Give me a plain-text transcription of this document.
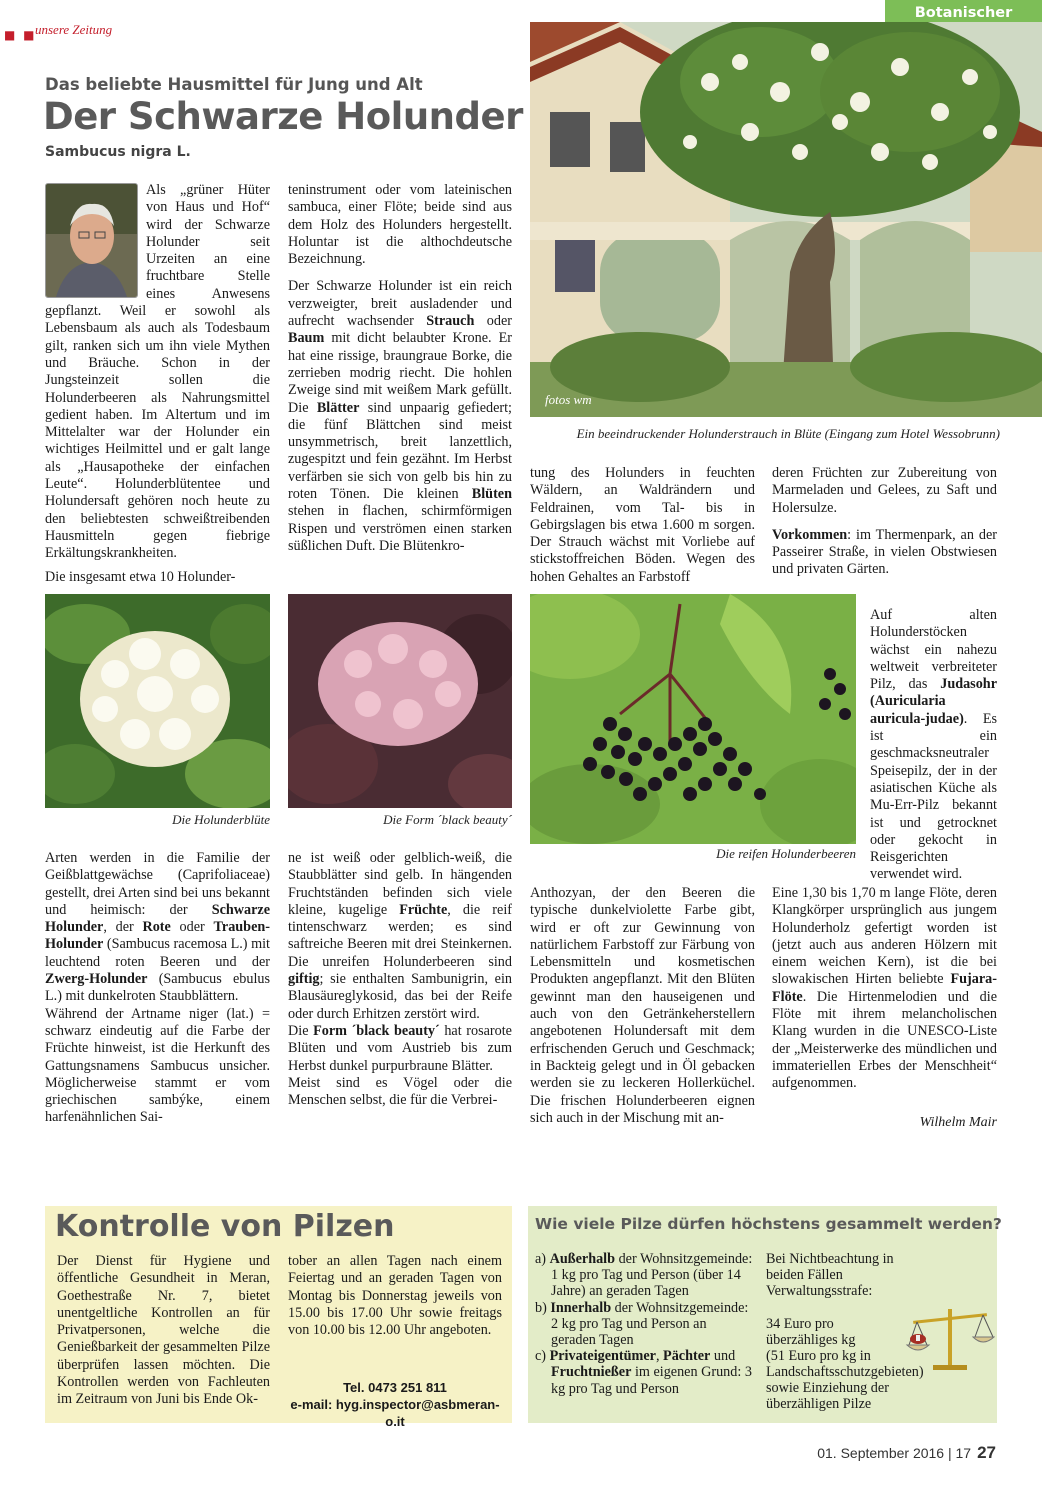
■ ■
unsere Zeitung
Botanischer
Das beliebte Hausmittel für Jung und Alt
Der Schwarze Holunder
Sambucus nigra L.
fotos wm
Ein beeindruckender Holunderstrauch in Blüte (Eingang zum Hotel Wessobrunn)
Als „grüner Hüter von Haus und Hof“ wird der Schwarze Holunder seit Urzeiten an eine fruchtbare Stelle eines Anwesens gepflanzt. Weil er sowohl als Lebensbaum als auch als Todesbaum gilt, ranken sich um ihn viele Mythen und Bräuche. Schon in der Jungsteinzeit sollen die Holunderbeeren als Nahrungsmittel gedient haben. Im Altertum und im Mittelalter war der Holunder ein wichtiges Heilmittel und er galt lange als „Hausapotheke der einfachen Leute“. Holunderblütentee und Holundersaft gehören noch heute zu den beliebtesten schweißtreibenden Hausmitteln gegen fiebrige Erkältungskrankheiten.
Die insgesamt etwa 10 Holunder-

teninstrument oder vom lateinischen sambuca, einer Flöte; beide sind aus dem Holz des Holunders hergestellt. Holuntar ist die althochdeutsche Bezeichnung.

Der Schwarze Holunder ist ein reich verzweigter, breit ausladender und aufrecht wachsender Strauch oder Baum mit dicht belaubter Krone. Er hat eine rissige, braungraue Borke, die zerrieben modrig riecht. Die hohlen Zweige sind mit weißem Mark gefüllt. Die Blätter sind unpaarig gefiedert; die fünf Blättchen sind meist unsymmetrisch, breit lanzettlich, zugespitzt und fein gezähnt. Im Herbst verfärben sie sich von gelb bis hin zu roten Tönen. Die kleinen Blüten stehen in flachen, schirmförmigen Rispen und verströmen einen starken süßlichen Duft. Die Blütenkro-

tung des Holunders in feuchten Wäldern, an Waldrändern und Feldrainen, vom Tal- bis in Gebirgslagen bis etwa 1.600 m sorgen. Der Strauch wächst mit Vorliebe auf stickstoffreichen Böden. Wegen des hohen Gehaltes an Farbstoff

deren Früchten zur Zubereitung von Marmeladen und Gelees, zu Saft und Holersulze.

Vorkommen: im Thermenpark, an der Passeirer Straße, in vielen Obstwiesen und privaten Gärten.

Die Holunderblüte	Die Form ´black beauty´
Die reifen Holunderbeeren
Auf alten Holunderstöcken wächst ein nahezu weltweit verbreiteter Pilz, das Judasohr (Auricularia auricula-judae). Es ist ein geschmacksneutraler Speisepilz, der in der asiatischen Küche als Mu-Err-Pilz bekannt ist und getrocknet oder gekocht in Reisgerichten verwendet wird.

Arten werden in die Familie der Geißblattgewächse (Caprifoliaceae) gestellt, drei Arten sind bei uns bekannt und heimisch: der Schwarze Holunder, der Rote oder Trauben-Holunder (Sambucus racemosa L.) mit leuchtend roten Beeren und der Zwerg-Holunder (Sambucus ebulus L.) mit dunkelroten Staubblättern.

Während der Artname niger (lat.) = schwarz eindeutig auf die Farbe der Früchte hinweist, ist die Herkunft des Gattungsnamens Sambucus unsicher. Möglicherweise stammt er vom griechischen sambýke, einem harfenähnlichen Sai-

ne ist weiß oder gelblich-weiß, die Staubblätter sind gelb. In hängenden Fruchtständen befinden sich viele kleine, kugelige Früchte, die reif tintenschwarz werden; es sind saftreiche Beeren mit drei Steinkernen. Die unreifen Holunderbeeren sind giftig; sie enthalten Sambunigrin, ein Blausäureglykosid, das bei der Reife oder durch Erhitzen zerstört wird.

Die Form ´black beauty´ hat rosarote Blüten und vom Austrieb bis zum Herbst dunkel purpurbraune Blätter.

Meist sind es Vögel oder die Menschen selbst, die für die Verbrei-

Anthozyan, der den Beeren die typische dunkelviolette Farbe gibt, wird er oft zur Gewinnung von natürlichem Farbstoff zur Färbung von Lebensmitteln und kosmetischen Produkten angepflanzt. Mit den Blüten gewinnt man den hauseigenen und auch von den Getränkeherstellern angebotenen Holundersaft mit dem erfrischenden Geruch und Geschmack; in Backteig gelegt und in Öl gebacken werden sie zu leckeren Hollerküchel. Die frischen Holunderbeeren eignen sich auch in der Mischung mit an-
Eine 1,30 bis 1,70 m lange Flöte, deren Klangkörper ursprünglich aus jungem Holunderholz gefertigt worden ist (jetzt auch aus anderen Hölzern mit einem weichen Kern), ist die bei slowakischen Hirten beliebte Fujara-Flöte. Die Hirtenmelodien und die Flöte mit ihrem melancholischen Klang wurden in die UNESCO-Liste der „Meisterwerke des mündlichen und immateriellen Erbes der Menschheit“ aufgenommen.
Wilhelm Mair
Kontrolle von Pilzen
Der Dienst für Hygiene und öffentliche Gesundheit in Meran, Goethestraße Nr. 7, bietet unentgeltliche Kontrollen an für Privatpersonen, welche die Genießbarkeit der gesammelten Pilze überprüfen lassen möchten. Die Kontrollen werden von Fachleuten im Zeitraum von Juni bis Ende Ok-
tober an allen Tagen nach einem Feiertag und an geraden Tagen von Montag bis Donnerstag jeweils von 15.00 bis 17.00 Uhr sowie freitags von 10.00 bis 12.00 Uhr angeboten.
Tel. 0473 251 811
e-mail: hyg.inspector@asbmeran-o.it
Wie viele Pilze dürfen höchstens gesammelt werden?
a) Außerhalb der Wohnsitzgemeinde: 1 kg pro Tag und Person (über 14 Jahre) an geraden Tagen
b) Innerhalb der Wohnsitzgemeinde: 2 kg pro Tag und Person an geraden Tagen
c) Privateigentümer, Pächter und Fruchtnießer im eigenen Grund: 3 kg pro Tag und Person
Bei Nichtbeachtung in beiden Fällen Verwaltungsstrafe:
34 Euro pro überzähliges kg
(51 Euro pro kg in Landschaftsschutzgebieten)
sowie Einziehung der überzähligen Pilze
01. September 2016 | 17 27
